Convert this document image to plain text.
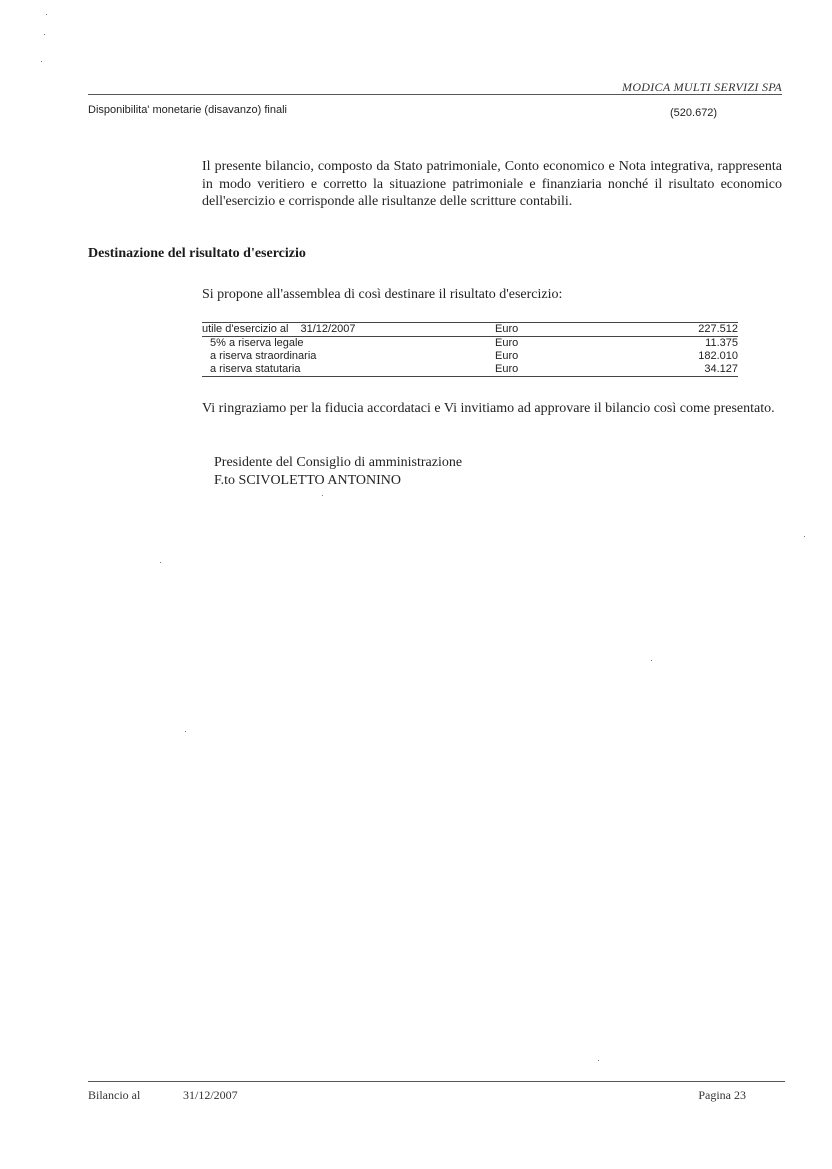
MODICA MULTI SERVIZI SPA
Disponibilita' monetarie (disavanzo) finali	(520.672)
Il presente bilancio, composto da Stato patrimoniale, Conto economico e Nota integrativa, rappresenta in modo veritiero e corretto la situazione patrimoniale e finanziaria nonché il risultato economico dell'esercizio e corrisponde alle risultanze delle scritture contabili.
Destinazione del risultato d'esercizio
Si propone all'assemblea di così destinare il risultato d'esercizio:
utile d'esercizio al 31/12/2007	Euro	227.512
5% a riserva legale	Euro	11.375
a riserva straordinaria	Euro	182.010
a riserva statutaria	Euro	34.127
Vi ringraziamo per la fiducia accordataci e Vi invitiamo ad approvare il bilancio così come presentato.
Presidente del Consiglio di amministrazione
F.to SCIVOLETTO ANTONINO
Bilancio al	31/12/2007	Pagina 23
